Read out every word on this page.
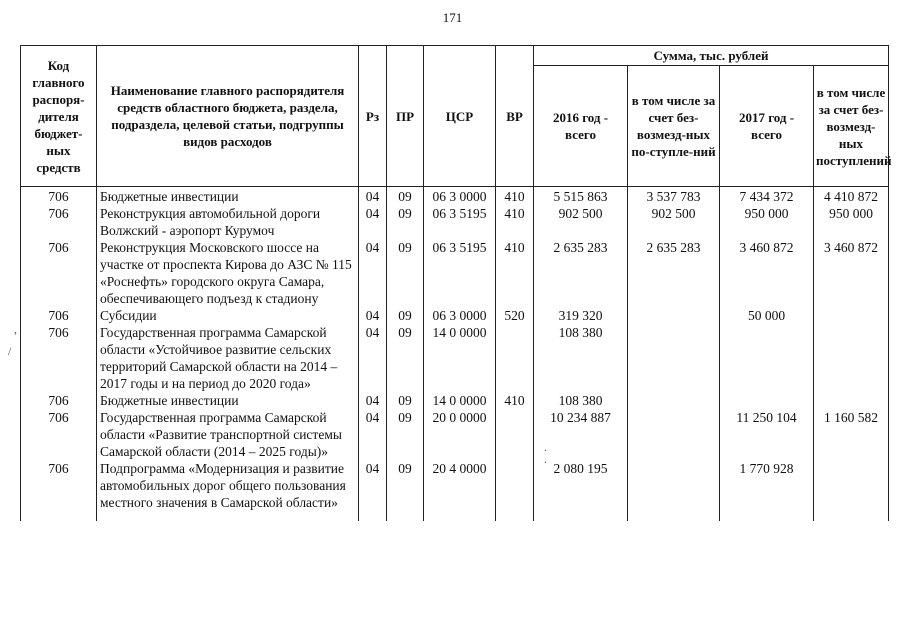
171
,
/
.
.
Код главного распоря-дителя бюджет-ных средств	Наименование главного распорядителя средств областного бюджета, раздела, подраздела, целевой статьи, подгруппы видов расходов	Рз	ПР	ЦСР	ВР	Сумма, тыс. рублей			
						2016 год - всего	в том числе за счет без-возмезд-ных по-ступле-ний	2017 год - всего	в том числе за счет без-возмезд-ных поступлений
706	Бюджетные инвестиции	04	09	06 3 0000	410	5 515 863	3 537 783	7 434 372	4 410 872
706	Реконструкция автомобильной дороги Волжский - аэропорт Курумоч	04	09	06 3 5195	410	902 500	902 500	950 000	950 000
706	Реконструкция Московского шоссе на участке от проспекта Кирова до АЗС № 115 «Роснефть» городского округа Самара, обеспечивающего подъезд к стадиону	04	09	06 3 5195	410	2 635 283	2 635 283	3 460 872	3 460 872
706	Субсидии	04	09	06 3 0000	520	319 320		50 000	
706	Государственная программа Самарской области «Устойчивое развитие сельских территорий Самарской области на 2014 – 2017 годы и на период до 2020 года»	04	09	14 0 0000		108 380			
706	Бюджетные инвестиции	04	09	14 0 0000	410	108 380			
706	Государственная программа Самарской области «Развитие транспортной системы Самарской области (2014 – 2025 годы)»	04	09	20 0 0000		10 234 887		11 250 104	1 160 582
706	Подпрограмма «Модернизация и развитие автомобильных дорог общего пользования местного значения в Самарской области»	04	09	20 4 0000		2 080 195		1 770 928	
